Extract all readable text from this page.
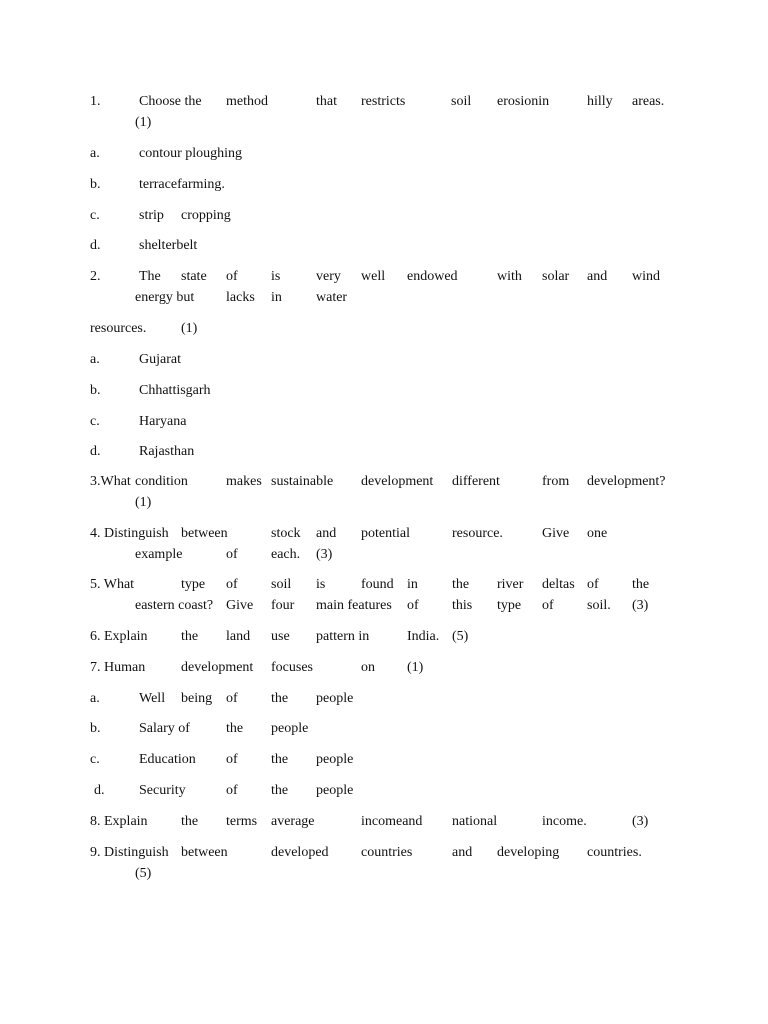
1.	Choose the method	that restricts	soil erosionin	hilly areas.
(1)
a.	contour ploughing
b.	terracefarming.
c.	strip cropping
d.	shelterbelt
2.	The state of is	very well endowed	with solar and wind
energy but lacks in water
resources. (1)
a.	Gujarat
b.	Chhattisgarh
c.	Haryana
d.	Rajasthan
3.What condition	makes sustainable development different	from development?
(1)
4. Distinguish between	stock and potential	resource.	Give one
example	of each. (3)
5. What	type of soil is	found in the river deltas of the
eastern coast? Give four main features of this type of soil. (3)
6. Explain the land use pattern in	India. (5)
7. Human	development focuses	on (1)
a.	Well being of the people
b.	Salary of	the people
c.	Education of the people
d. Security	of the people
8. Explain the terms average	incomeand national	income.	(3)
9. Distinguish between	developed countries	and developing countries.
(5)
